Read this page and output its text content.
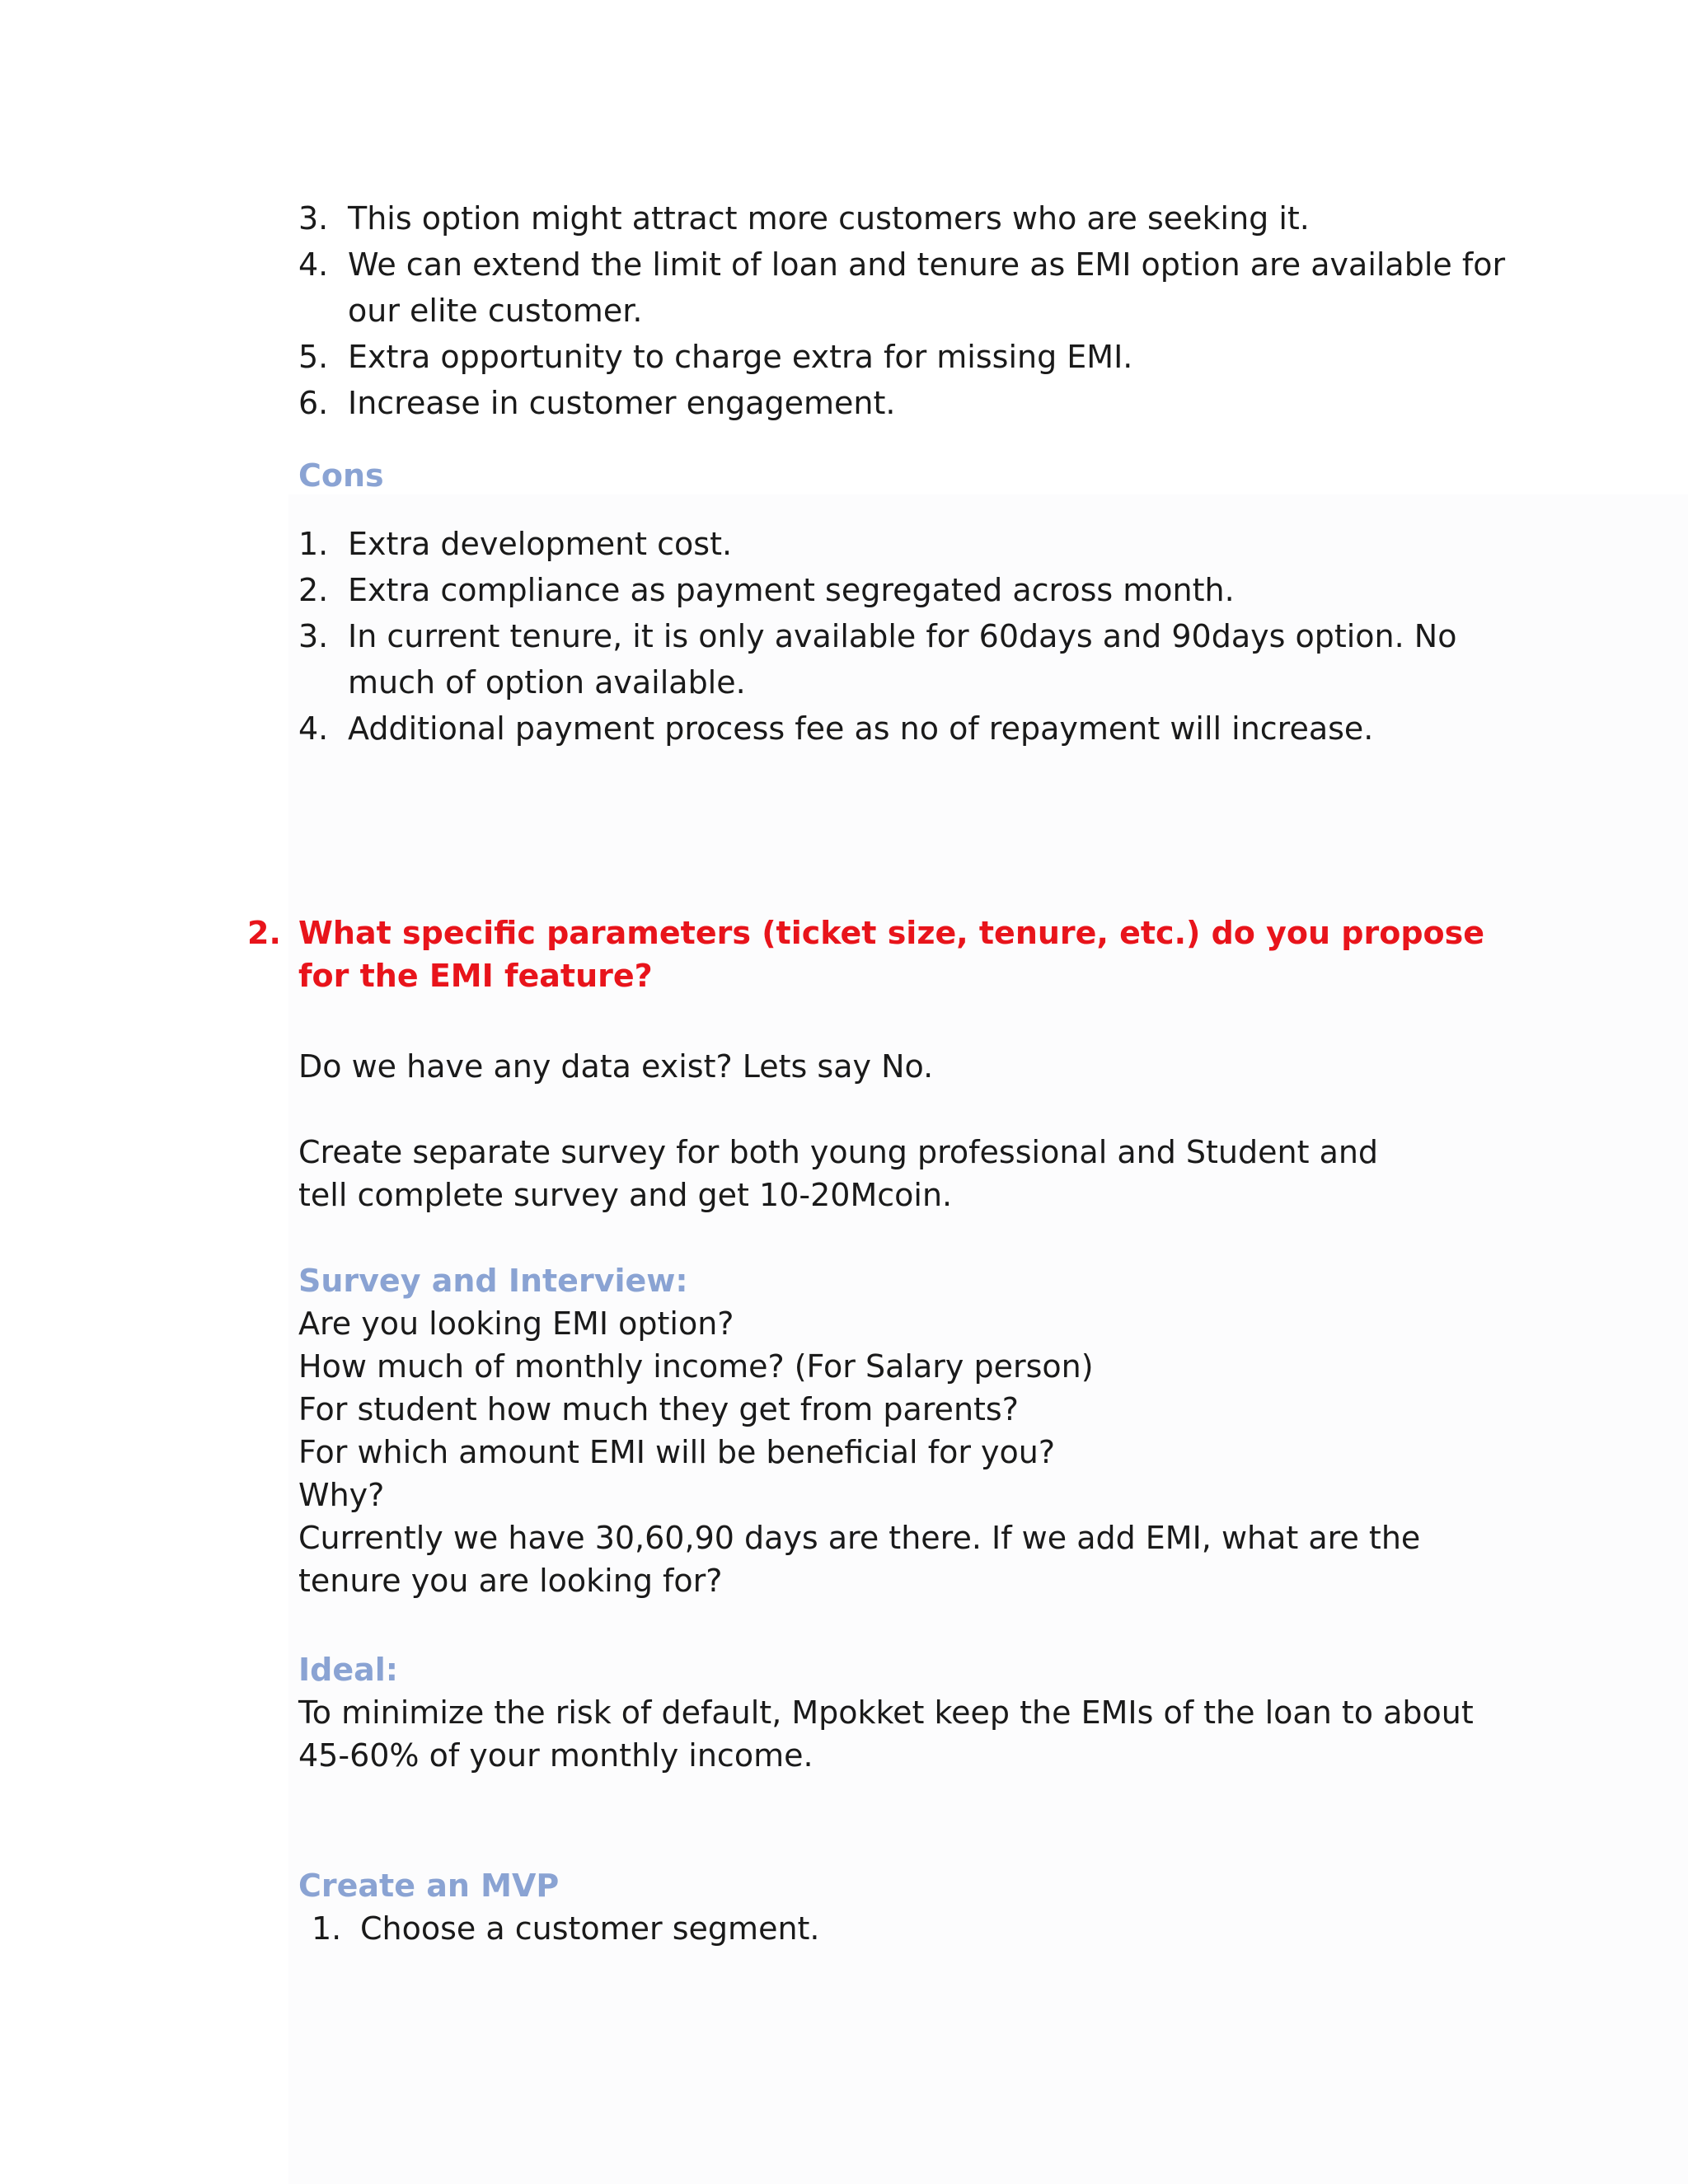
3. This option might attract more customers who are seeking it.
4. We can extend the limit of loan and tenure as EMI option are available for our elite customer.
5. Extra opportunity to charge extra for missing EMI.
6. Increase in customer engagement.
Cons
1. Extra development cost.
2. Extra compliance as payment segregated across month.
3. In current tenure, it is only available for 60days and 90days option. No much of option available.
4. Additional payment process fee as no of repayment will increase.
2. What specific parameters (ticket size, tenure, etc.) do you propose for the EMI feature?
Do we have any data exist? Lets say No.
Create separate survey for both young professional and Student and tell complete survey and get 10-20Mcoin.
Survey and Interview:
Are you looking EMI option?
How much of monthly income? (For Salary person)
For student how much they get from parents?
For which amount EMI will be beneficial for you?
Why?
Currently we have 30,60,90 days are there. If we add EMI, what are the tenure you are looking for?
Ideal:
To minimize the risk of default, Mpokket keep the EMIs of the loan to about 45-60% of your monthly income.
Create an MVP
1. Choose a customer segment.
